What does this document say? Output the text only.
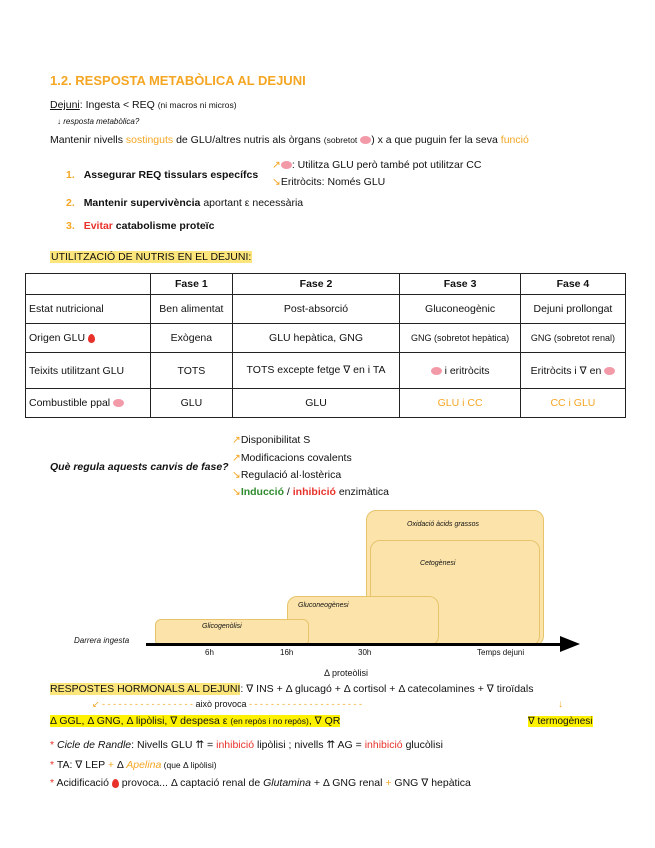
1.2. RESPOSTA METABÒLICA AL DEJUNI
Dejuni: Ingesta < REQ (ni macros ni micros)
↓ resposta metabòlica?
Mantenir nivells sostinguts de GLU/altres nutris als òrgans (sobretot ) x a que puguin fer la seva funció
1. Assegurar REQ tissulars específcs
↗ : Utilitza GLU però també pot utilitzar CC
↘Eritròcits: Només GLU
2. Mantenir supervivència aportant ε necessària
3. Evitar catabolisme proteïc
UTILITZACIÓ DE NUTRIS EN EL DEJUNI:
	Fase 1	Fase 2	Fase 3	Fase 4
Estat nutricional	Ben alimentat	Post-absorció	Gluconeogènic	Dejuni prollongat
Origen GLU	Exògena	GLU hepàtica, GNG	GNG (sobretot hepàtica)	GNG (sobretot renal)
Teixits utilitzant GLU	TOTS	TOTS excepte fetge ∇ en i TA	i eritròcits	Eritròcits i ∇ en
Combustible ppal	GLU	GLU	GLU i CC	CC i GLU
Què regula aquests canvis de fase?
↗Disponibilitat S
↗Modificacions covalents
↘Regulació al·lostèrica
↘Inducció / inhibició enzimàtica
Oxidació àcids grassos
Cetogènesi
Gluconeogènesi
Glicogenòlisi
Darrera ingesta
6h	16h	30h	Temps dejuni
Δ proteòlisi
RESPOSTES HORMONALS AL DEJUNI: ∇ INS + Δ glucagó + Δ cortisol + Δ catecolamines + ∇ tiroïdals
↙ - - - - - - - - - - - - - - - - - això provoca - - - - - - - - - - - - - - - - - - - - -	↓
Δ GGL, Δ GNG, Δ lipòlisi, ∇ despesa ε (en repòs i no repòs), ∇ QR	∇ termogènesi
* Cicle de Randle: Nivells GLU ⇈ = inhibició lipòlisi ; nivells ⇈ AG = inhibició glucòlisi
* TA: ∇ LEP + Δ Apelina (que Δ lipòlisi)
* Acidificació  provoca... Δ captació renal de Glutamina + Δ GNG renal + GNG ∇ hepàtica
